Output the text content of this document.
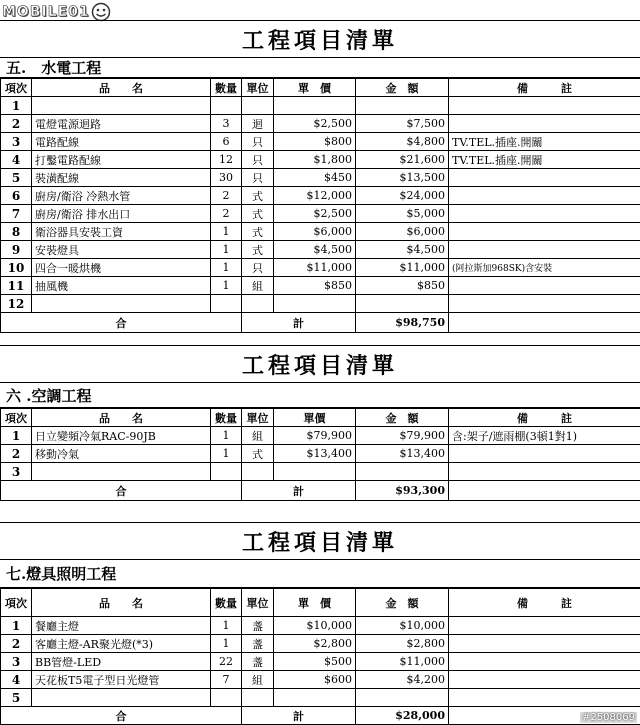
MOBILE01
工程項目清單
五.　水電工程
項次	品　　名	數量	單位	單　價	金　額	備　　　註
1						
2	電燈電源迴路	3	迴	$2,500	$7,500	
3	電路配線	6	只	$800	$4,800	TV.TEL.插座.開關
4	打鑿電路配線	12	只	$1,800	$21,600	TV.TEL.插座.開關
5	裝潢配線	30	只	$450	$13,500	
6	廚房/衛浴 冷熱水管	2	式	$12,000	$24,000	
7	廚房/衛浴 排水出口	2	式	$2,500	$5,000	
8	衛浴器具安裝工資	1	式	$6,000	$6,000	
9	安裝燈具	1	式	$4,500	$4,500	
10	四合一暖烘機	1	只	$11,000	$11,000	(阿拉斯加968SK)含安裝
11	抽風機	1	組	$850	$850	
12						
合			計		$98,750	
工程項目清單
六 .空調工程
項次	品　　名	數量	單位	單價	金　額	備　　　註
1	日立變頻冷氣RAC-90JB	1	組	$79,900	$79,900	含:架子/遮雨棚(3頓1對1)
2	移動冷氣	1	式	$13,400	$13,400	
3						
合			計		$93,300	
工程項目清單
七.燈具照明工程
項次	品　　名	數量	單位	單　價	金　額	備　　　註
1	餐廳主燈	1	盞	$10,000	$10,000	
2	客廳主燈-AR聚光燈(*3)	1	盞	$2,800	$2,800	
3	BB管燈-LED	22	盞	$500	$11,000	
4	天花板T5電子型日光燈管	7	組	$600	$4,200	
5						
合			計		$28,000		#2508069
